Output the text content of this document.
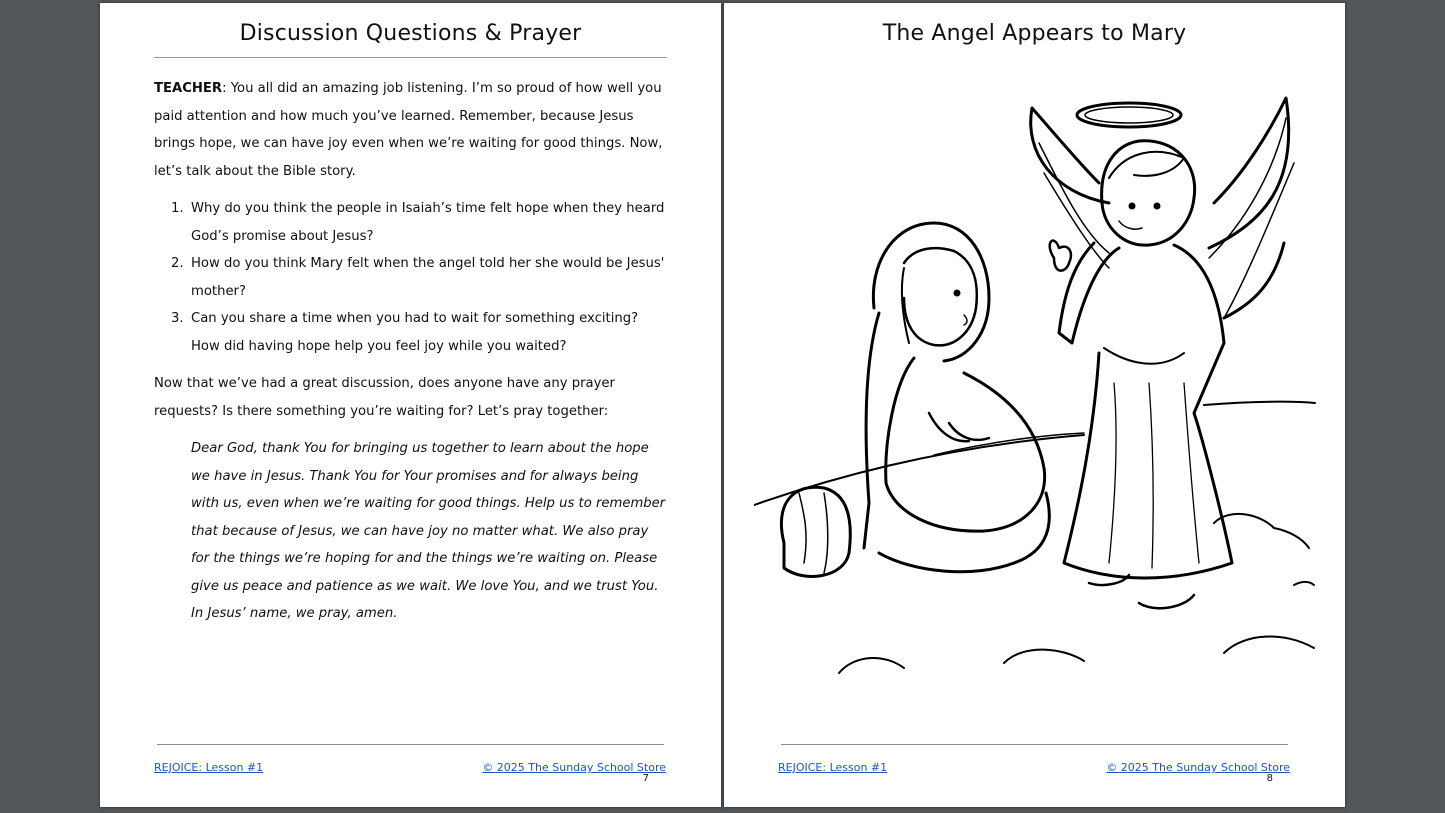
Discussion Questions & Prayer

TEACHER: You all did an amazing job listening. I’m so proud of how well you paid attention and how much you’ve learned. Remember, because Jesus brings hope, we can have joy even when we’re waiting for good things. Now, let’s talk about the Bible story.

1. Why do you think the people in Isaiah’s time felt hope when they heard God’s promise about Jesus?
2. How do you think Mary felt when the angel told her she would be Jesus' mother?
3. Can you share a time when you had to wait for something exciting? How did having hope help you feel joy while you waited?

Now that we’ve had a great discussion, does anyone have any prayer requests? Is there something you’re waiting for? Let’s pray together:

Dear God, thank You for bringing us together to learn about the hope we have in Jesus. Thank You for Your promises and for always being with us, even when we’re waiting for good things. Help us to remember that because of Jesus, we can have joy no matter what. We also pray for the things we’re hoping for and the things we’re waiting on. Please give us peace and patience as we wait. We love You, and we trust You. In Jesus’ name, we pray, amen.

REJOICE: Lesson #1	© 2025 The Sunday School Store
7
The Angel Appears to Mary
REJOICE: Lesson #1	© 2025 The Sunday School Store
8
